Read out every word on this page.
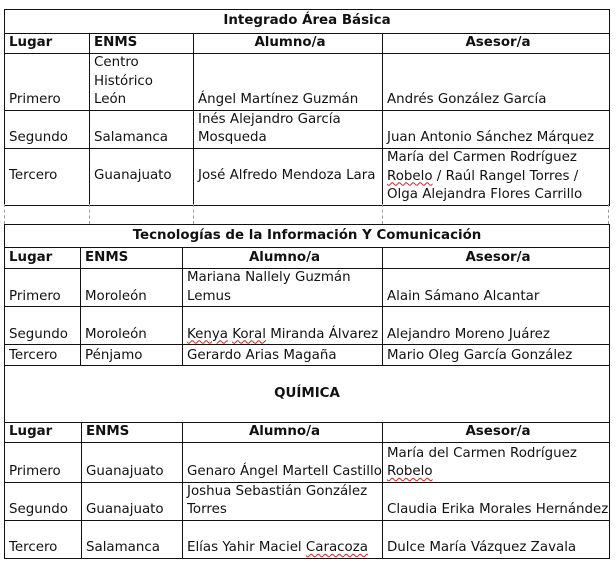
Integrado Área Básica			
Lugar	ENMS	Alumno/a	Asesor/a
Primero	Centro Histórico León	Ángel Martínez Guzmán	Andrés González García
Segundo	Salamanca	Inés Alejandro García Mosqueda	Juan Antonio Sánchez Márquez
Tercero	Guanajuato	José Alfredo Mendoza Lara	María del Carmen Rodríguez Robelo / Raúl Rangel Torres / Olga Alejandra Flores Carrillo
Tecnologías de la Información Y Comunicación			
Lugar	ENMS	Alumno/a	Asesor/a
Primero	Moroleón	Mariana Nallely Guzmán Lemus	Alain Sámano Alcantar
Segundo	Moroleón	Kenya Koral Miranda Álvarez	Alejandro Moreno Juárez
Tercero	Pénjamo	Gerardo Arias Magaña	Mario Oleg García González
QUÍMICA			
Lugar	ENMS	Alumno/a	Asesor/a
Primero	Guanajuato	Genaro Ángel Martell Castillo	María del Carmen Rodríguez Robelo
Segundo	Guanajuato	Joshua Sebastián González Torres	Claudia Erika Morales Hernández
Tercero	Salamanca	Elías Yahir Maciel Caracoza	Dulce María Vázquez Zavala
